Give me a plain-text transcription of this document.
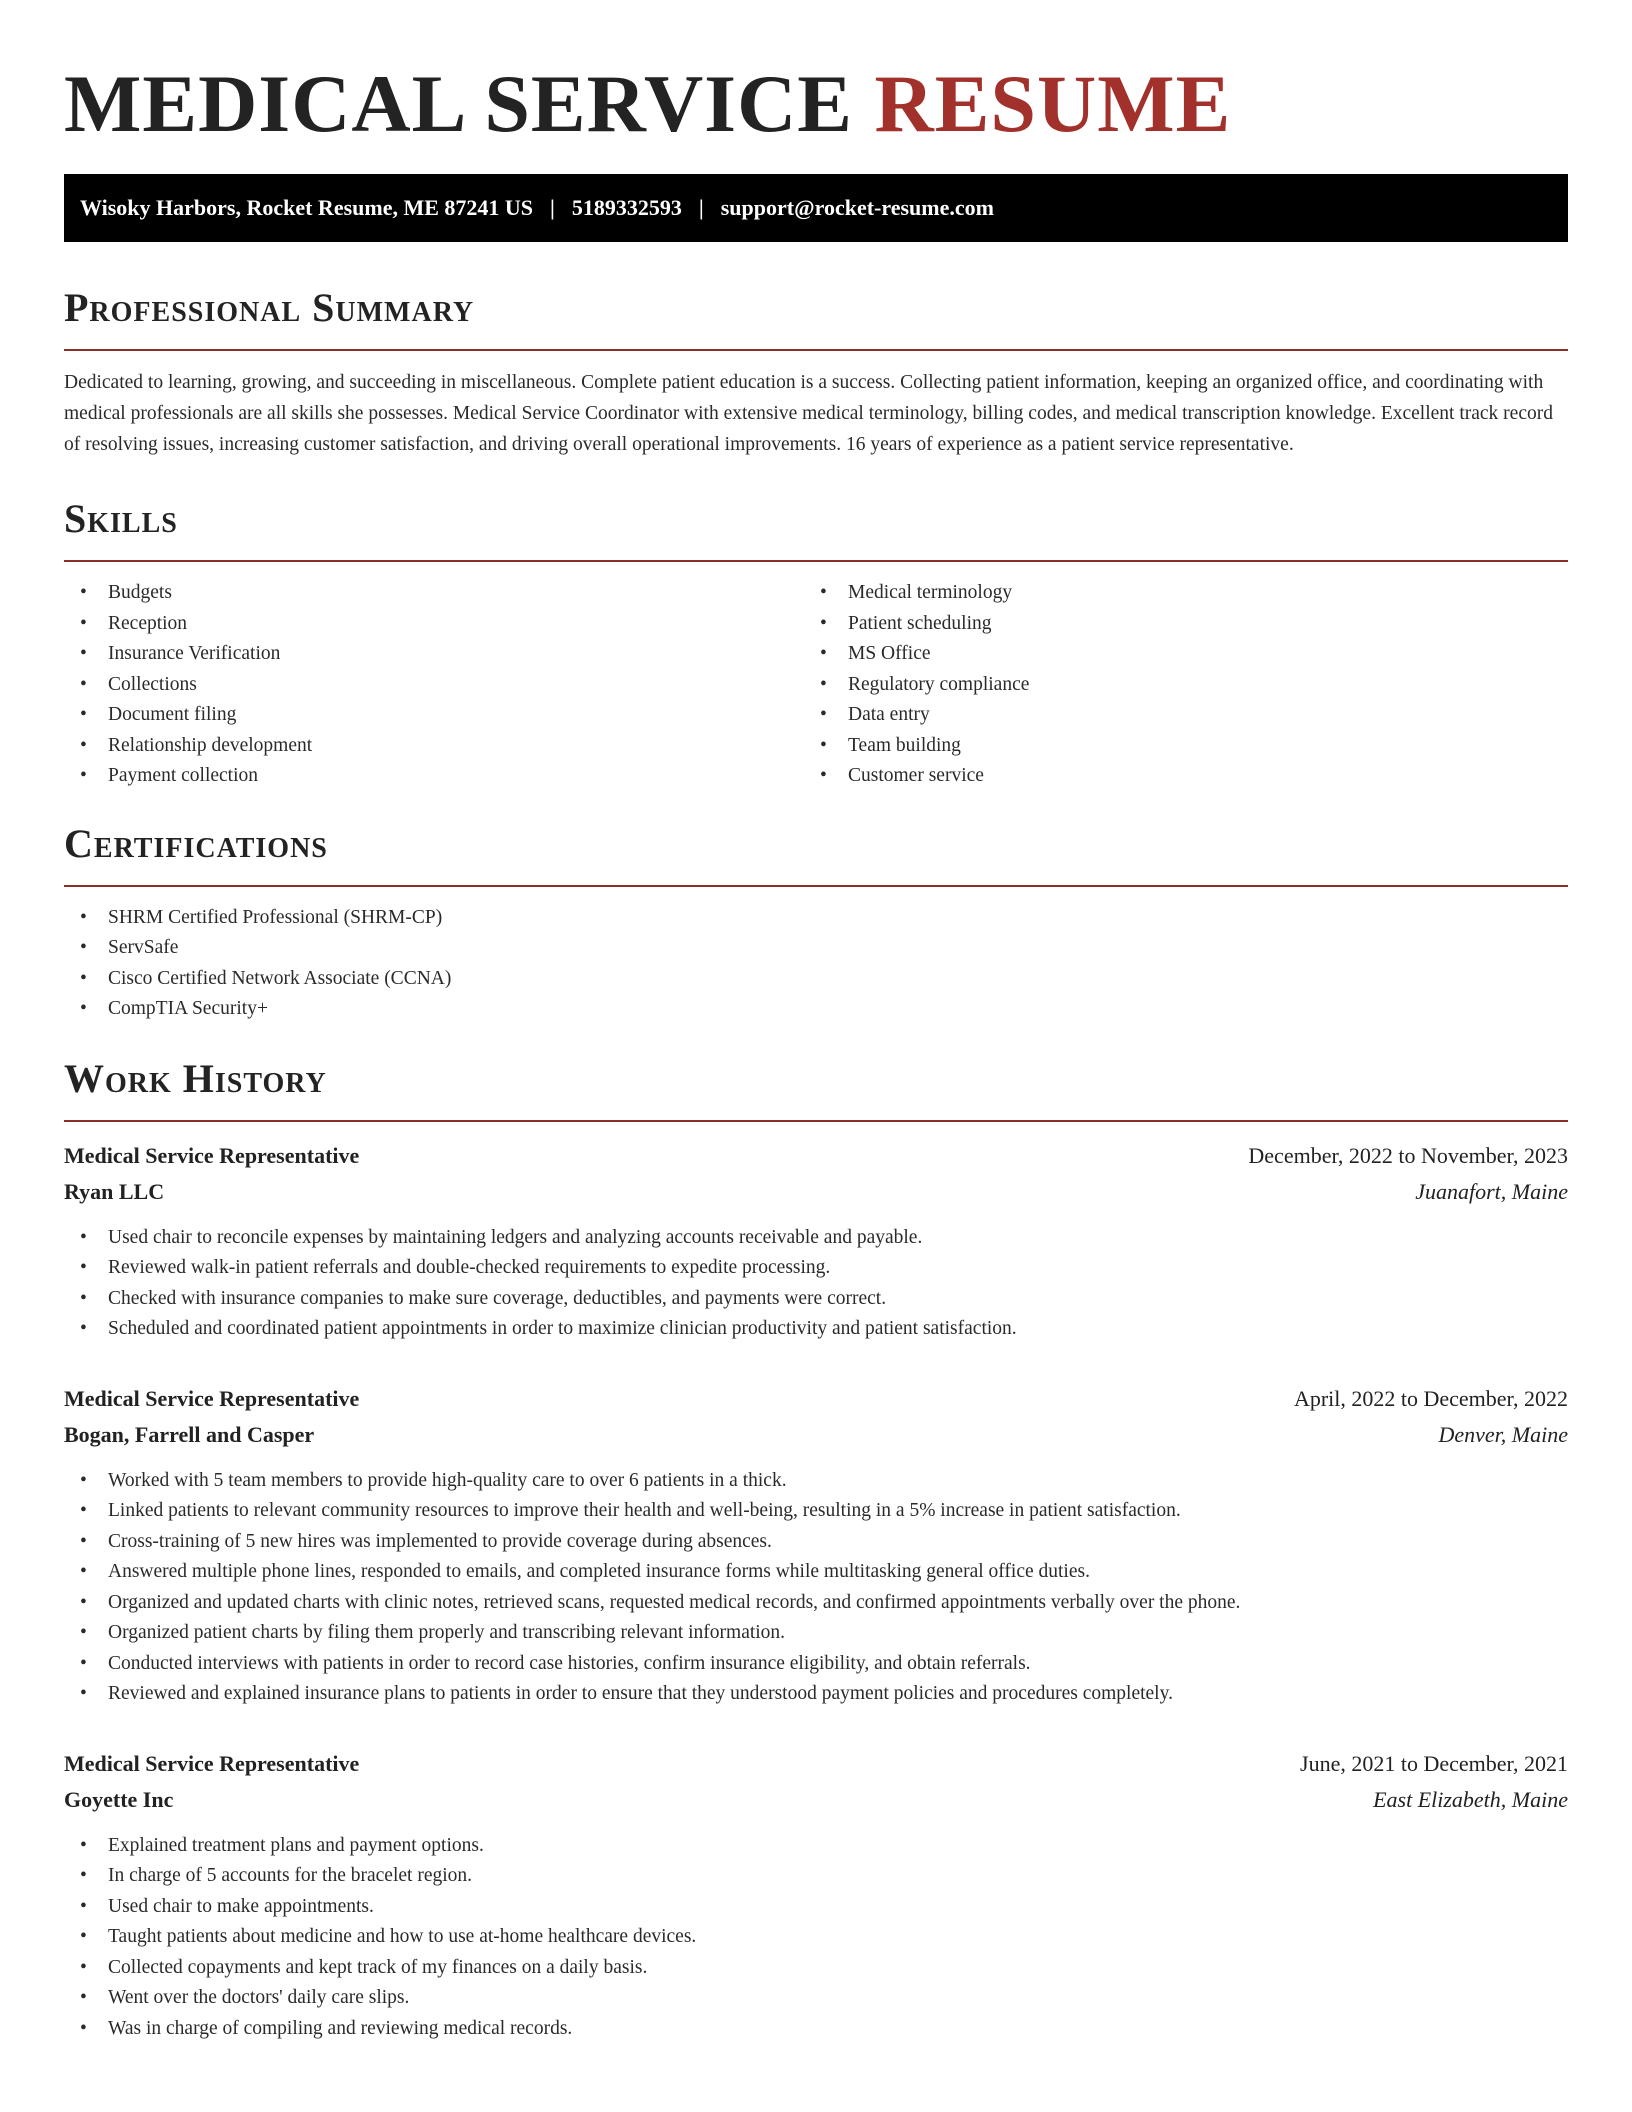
MEDICAL SERVICE RESUME
Wisoky Harbors, Rocket Resume, ME 87241 US | 5189332593 | support@rocket-resume.com
Professional Summary

Dedicated to learning, growing, and succeeding in miscellaneous. Complete patient education is a success. Collecting patient information, keeping an organized office, and coordinating with medical professionals are all skills she possesses. Medical Service Coordinator with extensive medical terminology, billing codes, and medical transcription knowledge. Excellent track record of resolving issues, increasing customer satisfaction, and driving overall operational improvements. 16 years of experience as a patient service representative.

Skills
• Budgets
• Reception
• Insurance Verification
• Collections
• Document filing
• Relationship development
• Payment collection
• Medical terminology
• Patient scheduling
• MS Office
• Regulatory compliance
• Data entry
• Team building
• Customer service
Certifications
• SHRM Certified Professional (SHRM-CP)
• ServSafe
• Cisco Certified Network Associate (CCNA)
• CompTIA Security+
Work History
Medical Service Representative	December, 2022 to November, 2023
Ryan LLC	Juanafort, Maine
• Used chair to reconcile expenses by maintaining ledgers and analyzing accounts receivable and payable.
• Reviewed walk-in patient referrals and double-checked requirements to expedite processing.
• Checked with insurance companies to make sure coverage, deductibles, and payments were correct.
• Scheduled and coordinated patient appointments in order to maximize clinician productivity and patient satisfaction.
Medical Service Representative	April, 2022 to December, 2022
Bogan, Farrell and Casper	Denver, Maine
• Worked with 5 team members to provide high-quality care to over 6 patients in a thick.
• Linked patients to relevant community resources to improve their health and well-being, resulting in a 5% increase in patient satisfaction.
• Cross-training of 5 new hires was implemented to provide coverage during absences.
• Answered multiple phone lines, responded to emails, and completed insurance forms while multitasking general office duties.
• Organized and updated charts with clinic notes, retrieved scans, requested medical records, and confirmed appointments verbally over the phone.
• Organized patient charts by filing them properly and transcribing relevant information.
• Conducted interviews with patients in order to record case histories, confirm insurance eligibility, and obtain referrals.
• Reviewed and explained insurance plans to patients in order to ensure that they understood payment policies and procedures completely.
Medical Service Representative	June, 2021 to December, 2021
Goyette Inc	East Elizabeth, Maine
• Explained treatment plans and payment options.
• In charge of 5 accounts for the bracelet region.
• Used chair to make appointments.
• Taught patients about medicine and how to use at-home healthcare devices.
• Collected copayments and kept track of my finances on a daily basis.
• Went over the doctors' daily care slips.
• Was in charge of compiling and reviewing medical records.
